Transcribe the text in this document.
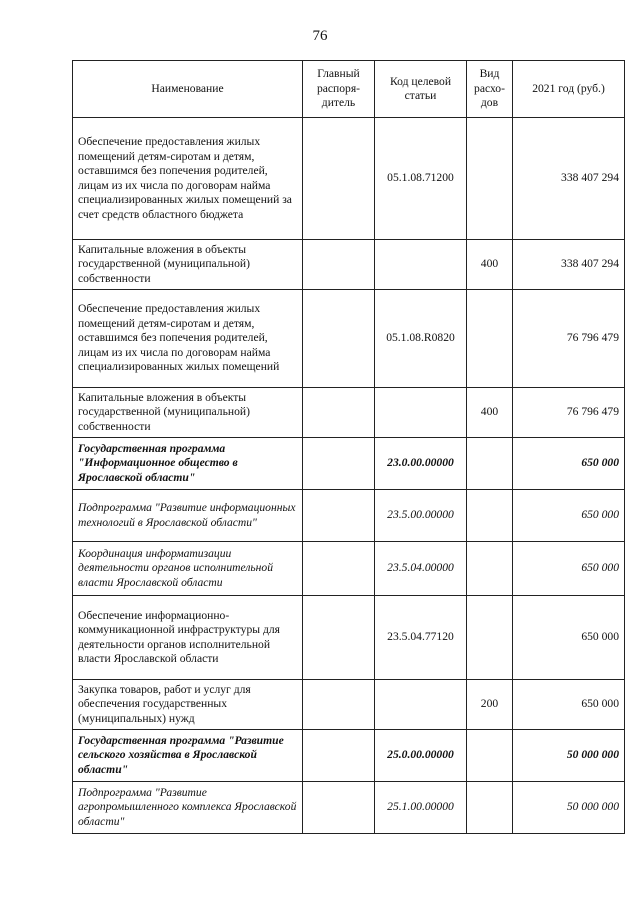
76
Наименование	Главный распоря-дитель	Код целевой статьи	Вид расхо-дов	2021 год (руб.)
Обеспечение предоставления жилых помещений детям-сиротам и детям, оставшимся без попечения родителей, лицам из их числа по договорам найма специализированных жилых помещений за счет средств областного бюджета		05.1.08.71200		338 407 294
Капитальные вложения в объекты государственной (муниципальной) собственности			400	338 407 294
Обеспечение предоставления жилых помещений детям-сиротам и детям, оставшимся без попечения родителей, лицам из их числа по договорам найма специализированных жилых помещений		05.1.08.R0820		76 796 479
Капитальные вложения в объекты государственной (муниципальной) собственности			400	76 796 479
Государственная программа "Информационное общество в Ярославской области"		23.0.00.00000		650 000
Подпрограмма "Развитие информационных технологий в Ярославской области"		23.5.00.00000		650 000
Координация информатизации деятельности органов исполнительной власти Ярославской области		23.5.04.00000		650 000
Обеспечение информационно-коммуникационной инфраструктуры для деятельности органов исполнительной власти Ярославской области		23.5.04.77120		650 000
Закупка товаров, работ и услуг для обеспечения государственных (муниципальных) нужд			200	650 000
Государственная программа "Развитие сельского хозяйства в Ярославской области"		25.0.00.00000		50 000 000
Подпрограмма "Развитие агропромышленного комплекса Ярославской области"		25.1.00.00000		50 000 000
